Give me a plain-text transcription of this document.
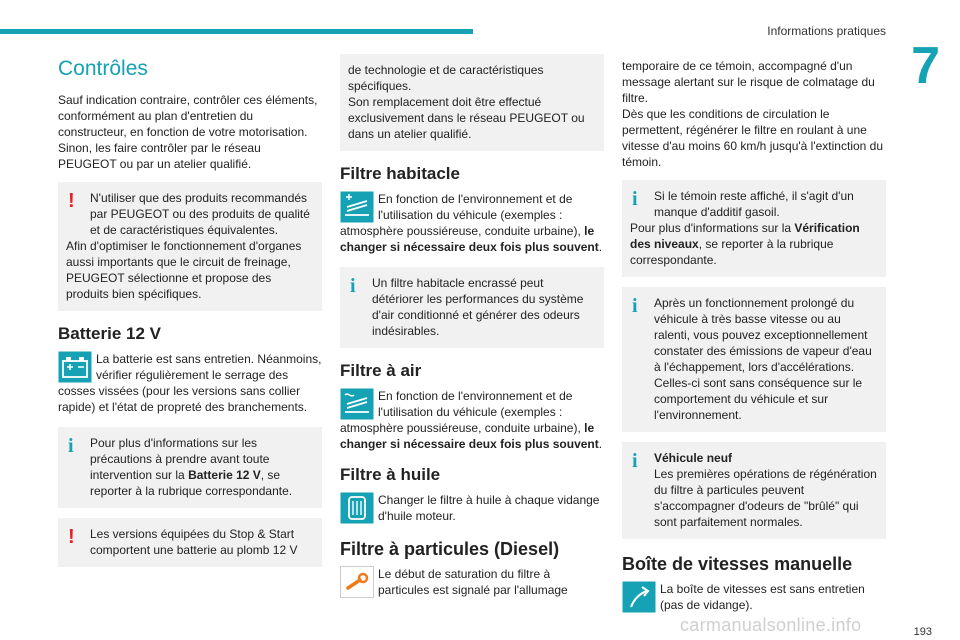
Informations pratiques
7
Contrôles

Sauf indication contraire, contrôler ces éléments, conformément au plan d'entretien du constructeur, en fonction de votre motorisation. Sinon, les faire contrôler par le réseau PEUGEOT ou par un atelier qualifié.

!	N'utiliser que des produits recommandés par PEUGEOT ou des produits de qualité et de caractéristiques équivalentes.

Afin d'optimiser le fonctionnement d'organes aussi importants que le circuit de freinage, PEUGEOT sélectionne et propose des produits bien spécifiques.

Batterie 12 V

La batterie est sans entretien. Néanmoins, vérifier régulièrement le serrage des cosses vissées (pour les versions sans collier rapide) et l'état de propreté des branchements.

i	Pour plus d'informations sur les précautions à prendre avant toute intervention sur la Batterie 12 V, se reporter à la rubrique correspondante.

!	Les versions équipées du Stop & Start comportent une batterie au plomb 12 V

de technologie et de caractéristiques spécifiques.

Son remplacement doit être effectué exclusivement dans le réseau PEUGEOT ou dans un atelier qualifié.

Filtre habitacle

En fonction de l'environnement et de l'utilisation du véhicule (exemples : atmosphère poussiéreuse, conduite urbaine), le changer si nécessaire deux fois plus souvent.

i	Un filtre habitacle encrassé peut détériorer les performances du système d'air conditionné et générer des odeurs indésirables.

Filtre à air

En fonction de l'environnement et de l'utilisation du véhicule (exemples : atmosphère poussiéreuse, conduite urbaine), le changer si nécessaire deux fois plus souvent.

Filtre à huile

Changer le filtre à huile à chaque vidange d'huile moteur.

Filtre à particules (Diesel)

Le début de saturation du filtre à particules est signalé par l'allumage

temporaire de ce témoin, accompagné d'un message alertant sur le risque de colmatage du filtre.

Dès que les conditions de circulation le permettent, régénérer le filtre en roulant à une vitesse d'au moins 60 km/h jusqu'à l'extinction du témoin.

i	Si le témoin reste affiché, il s'agit d'un manque d'additif gasoil.

Pour plus d'informations sur la Vérification des niveaux, se reporter à la rubrique correspondante.

i	Après un fonctionnement prolongé du véhicule à très basse vitesse ou au ralenti, vous pouvez exceptionnellement constater des émissions de vapeur d'eau à l'échappement, lors d'accélérations. Celles-ci sont sans conséquence sur le comportement du véhicule et sur l'environnement.

i	Véhicule neuf

Les premières opérations de régénération du filtre à particules peuvent s'accompagner d'odeurs de "brûlé" qui sont parfaitement normales.

Boîte de vitesses manuelle

La boîte de vitesses est sans entretien (pas de vidange).

carmanualsonline.info	193
